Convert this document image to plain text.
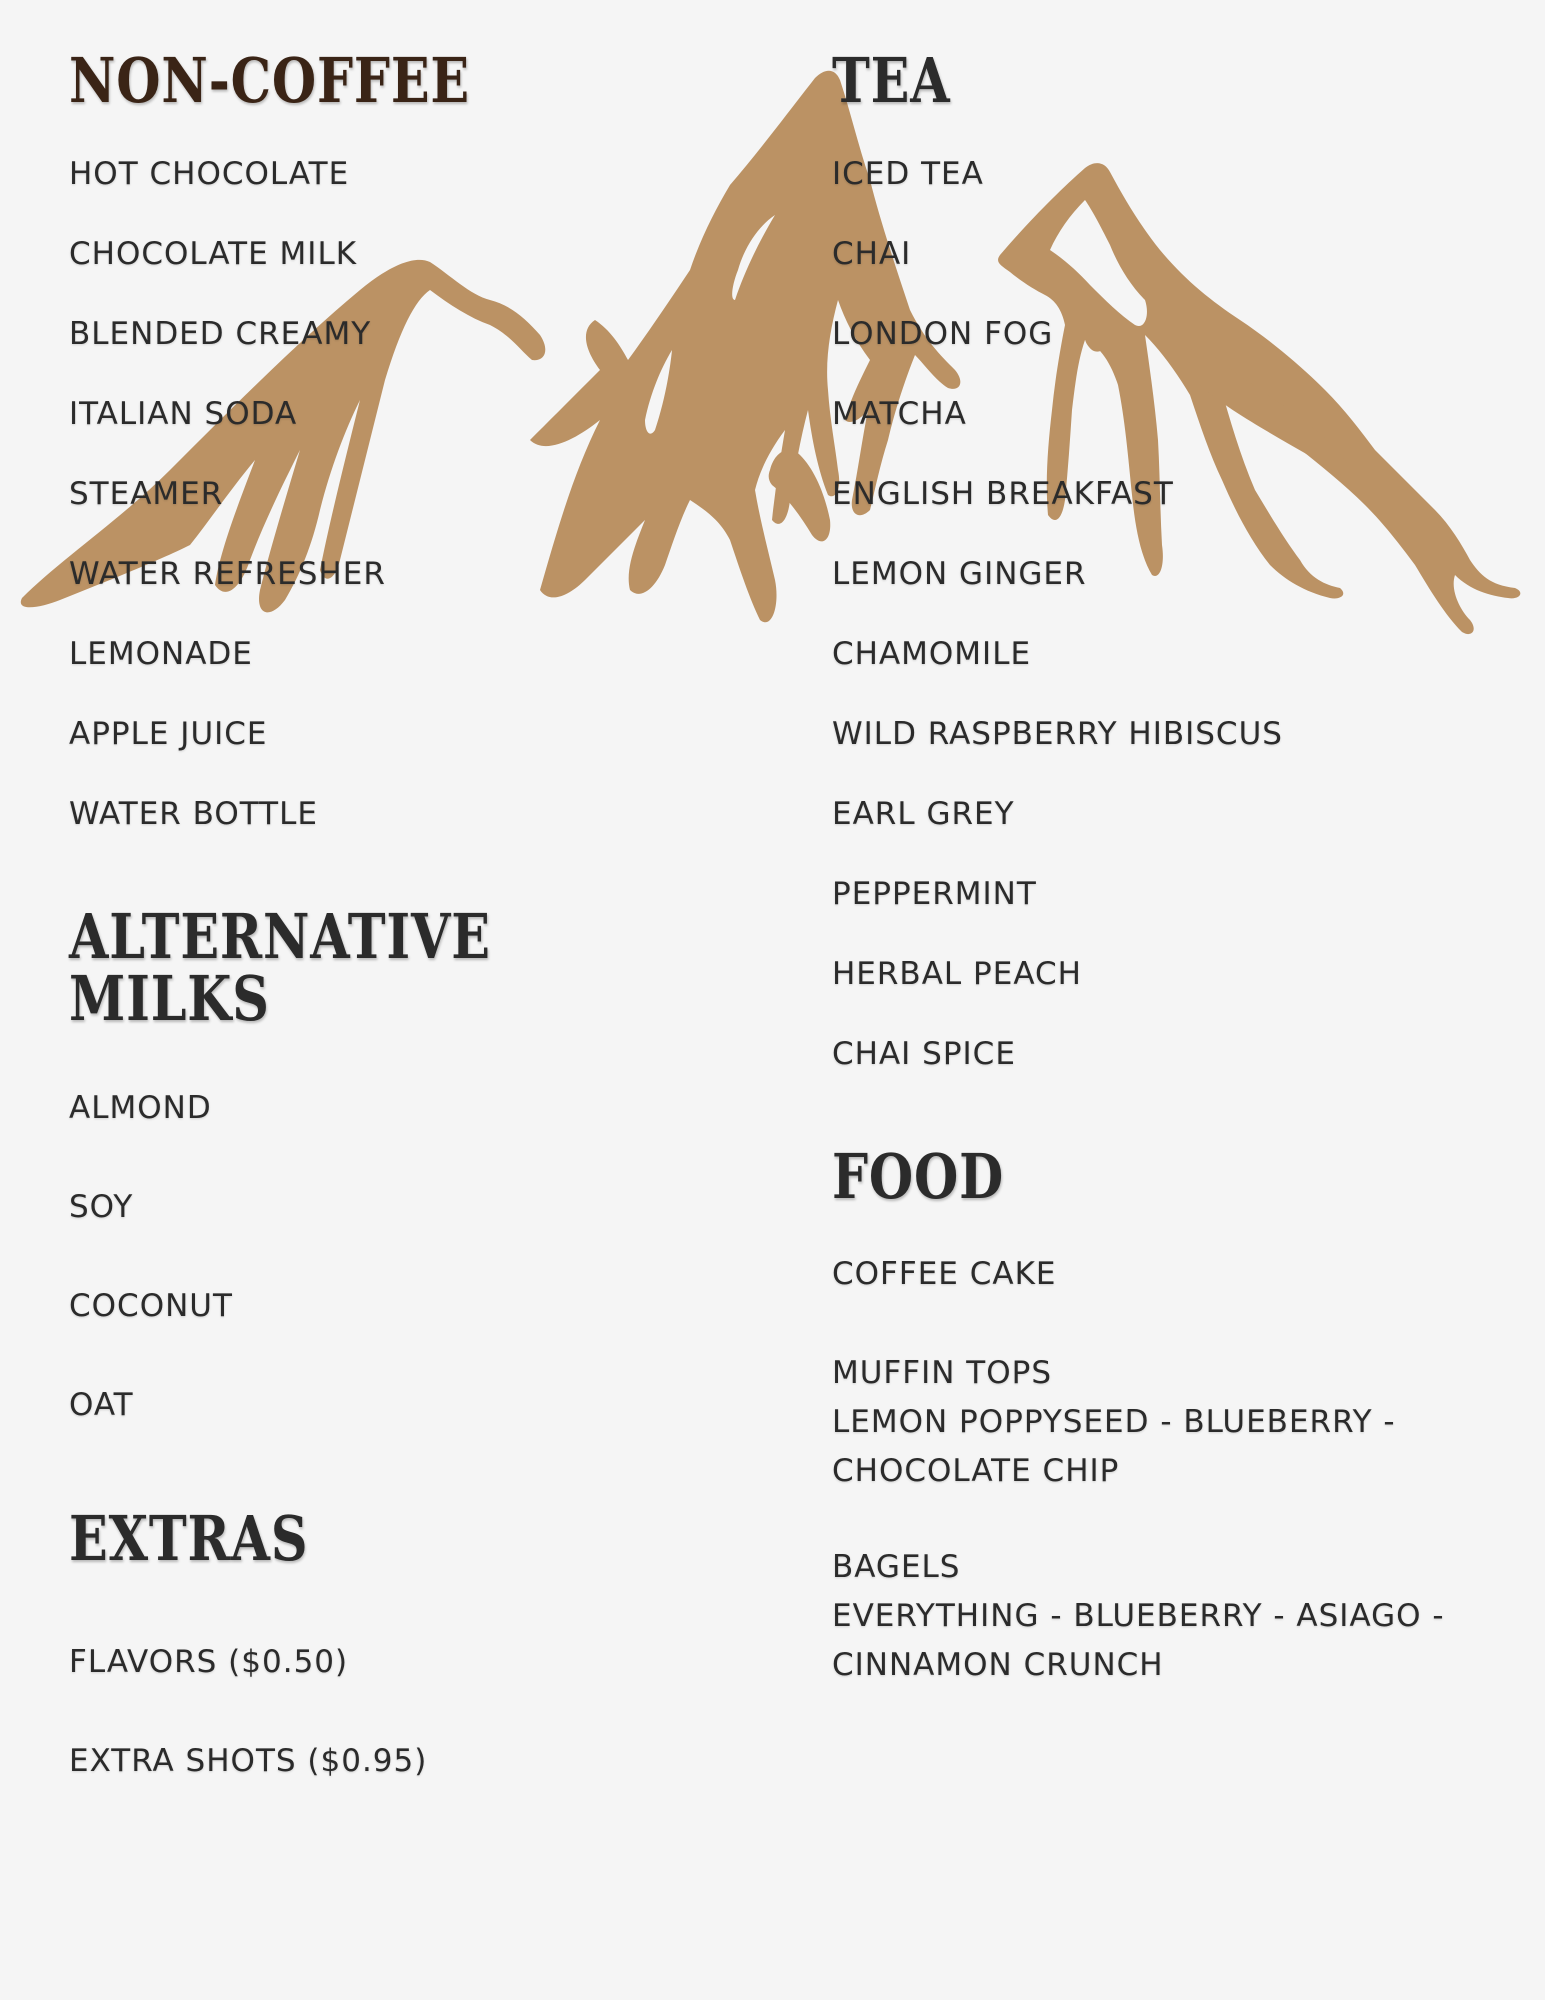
NON-COFFEE
HOT CHOCOLATE
CHOCOLATE MILK
BLENDED CREAMY
ITALIAN SODA
STEAMER
WATER REFRESHER
LEMONADE
APPLE JUICE
WATER BOTTLE
ALTERNATIVE MILKS
ALMOND
SOY
COCONUT
OAT
EXTRAS
FLAVORS ($0.50)
EXTRA SHOTS ($0.95)
TEA
ICED TEA
CHAI
LONDON FOG
MATCHA
ENGLISH BREAKFAST
LEMON GINGER
CHAMOMILE
WILD RASPBERRY HIBISCUS
EARL GREY
PEPPERMINT
HERBAL PEACH
CHAI SPICE
FOOD
COFFEE CAKE
MUFFIN TOPS
LEMON POPPYSEED - BLUEBERRY -
CHOCOLATE CHIP
BAGELS
EVERYTHING - BLUEBERRY - ASIAGO -
CINNAMON CRUNCH
